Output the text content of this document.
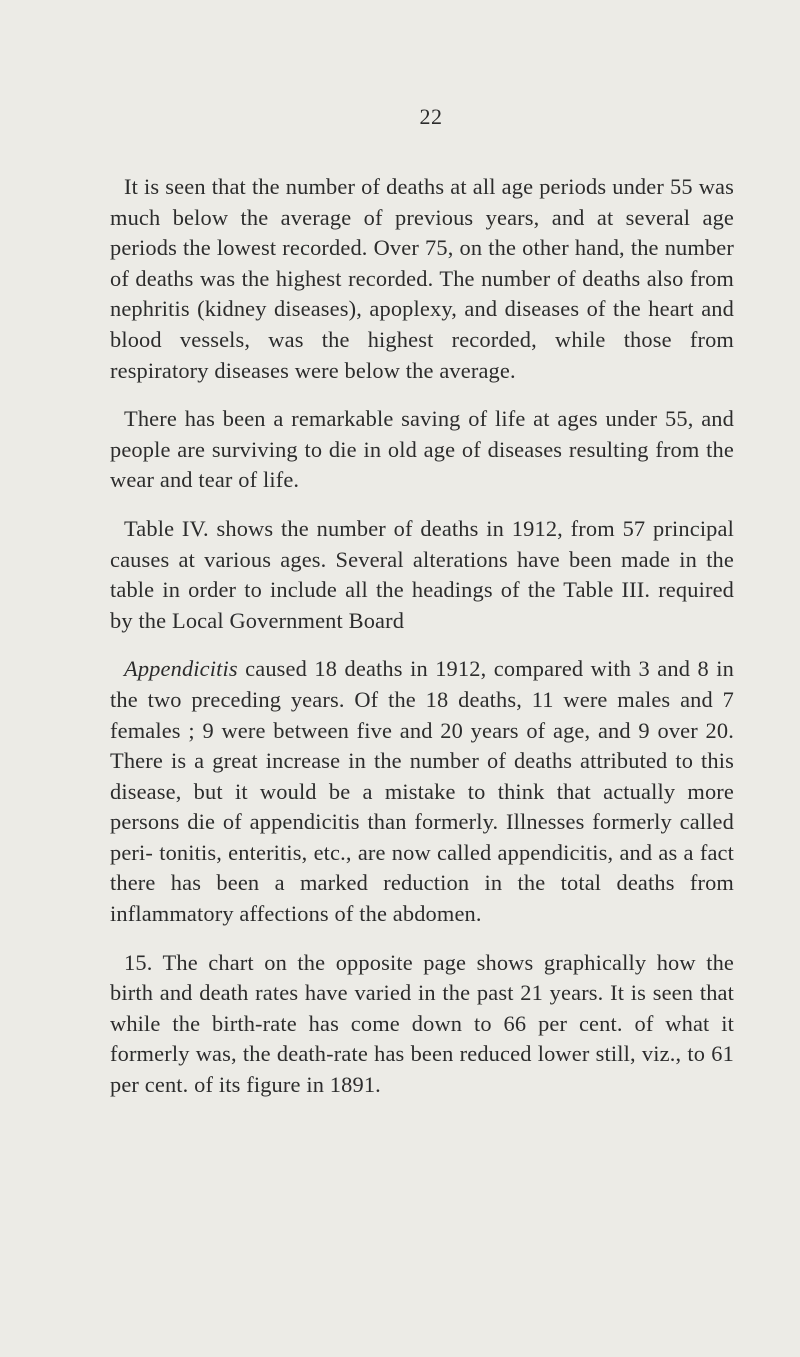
22

It is seen that the number of deaths at all age periods under 55 was much below the average of previous years, and at several age periods the lowest recorded. Over 75, on the other hand, the number of deaths was the highest recorded. The number of deaths also from nephritis (kidney diseases), apoplexy, and diseases of the heart and blood vessels, was the highest recorded, while those from respiratory diseases were below the average.

There has been a remarkable saving of life at ages under 55, and people are surviving to die in old age of diseases resulting from the wear and tear of life.

Table IV. shows the number of deaths in 1912, from 57 principal causes at various ages. Several alterations have been made in the table in order to include all the headings of the Table III. required by the Local Government Board

Appendicitis caused 18 deaths in 1912, compared with 3 and 8 in the two preceding years. Of the 18 deaths, 11 were males and 7 females ; 9 were between five and 20 years of age, and 9 over 20. There is a great increase in the number of deaths attributed to this disease, but it would be a mistake to think that actually more persons die of appendicitis than formerly. Illnesses formerly called peri- tonitis, enteritis, etc., are now called appendicitis, and as a fact there has been a marked reduction in the total deaths from inflammatory affections of the abdomen.

15. The chart on the opposite page shows graphically how the birth and death rates have varied in the past 21 years. It is seen that while the birth-rate has come down to 66 per cent. of what it formerly was, the death-rate has been reduced lower still, viz., to 61 per cent. of its figure in 1891.
